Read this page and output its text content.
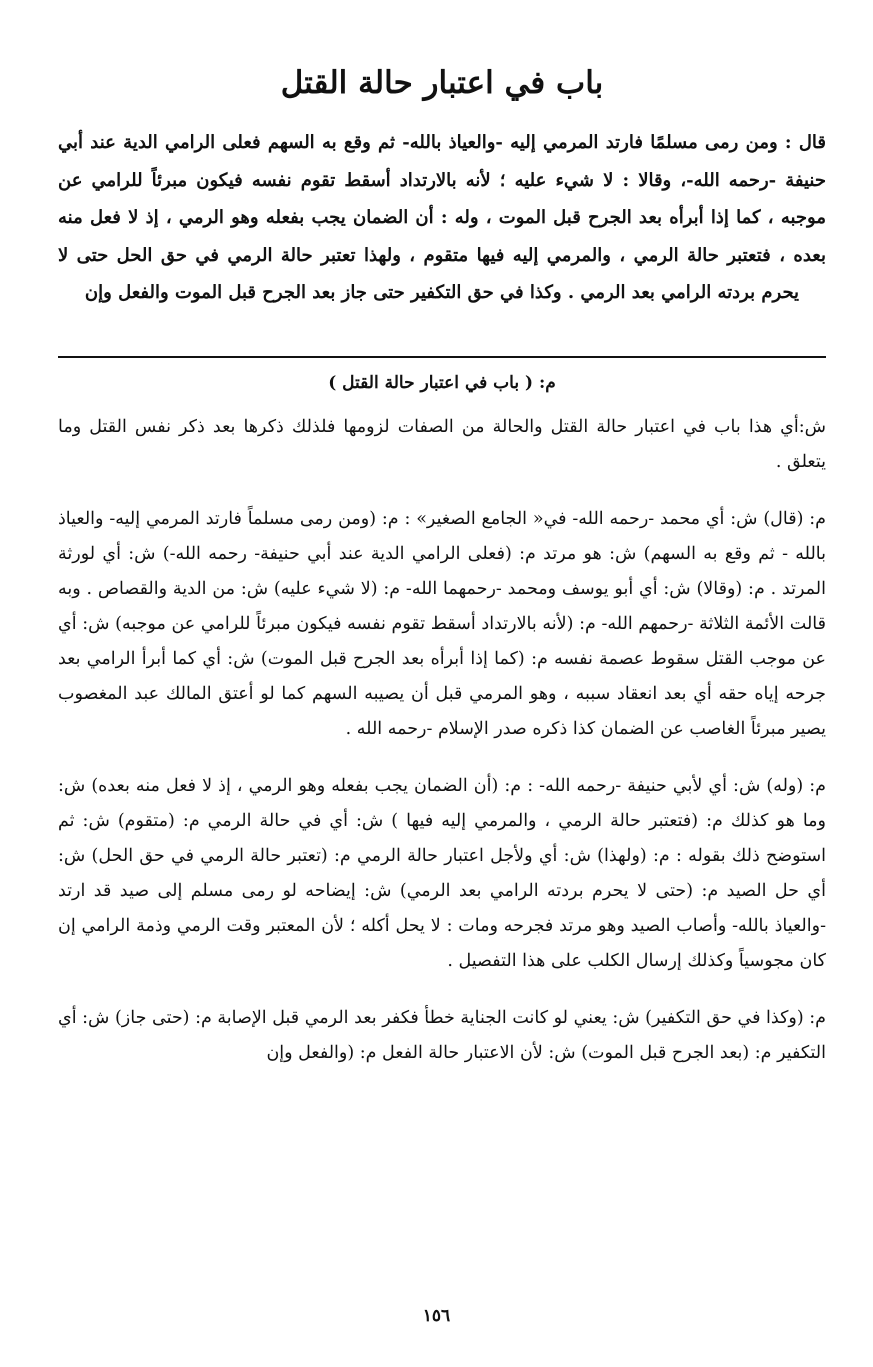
باب في اعتبار حالة القتل

قال : ومن رمى مسلمًا فارتد المرمي إليه -والعياذ بالله- ثم وقع به السهم فعلى الرامي الدية عند أبي حنيفة -رحمه الله-، وقالا : لا شيء عليه ؛ لأنه بالارتداد أسقط تقوم نفسه فيكون مبرئاً للرامي عن موجبه ، كما إذا أبرأه بعد الجرح قبل الموت ، وله : أن الضمان يجب بفعله وهو الرمي ، إذ لا فعل منه بعده ، فتعتبر حالة الرمي ، والمرمي إليه فيها متقوم ، ولهذا تعتبر حالة الرمي في حق الحل حتى لا يحرم بردته الرامي بعد الرمي . وكذا في حق التكفير حتى جاز بعد الجرح قبل الموت والفعل وإن

م: ( باب في اعتبار حالة القتل )

ش:أي هذا باب في اعتبار حالة القتل والحالة من الصفات لزومها فلذلك ذكرها بعد ذكر نفس القتل وما يتعلق .

م: (قال) ش: أي محمد -رحمه الله- في« الجامع الصغير» : م: (ومن رمى مسلماً فارتد المرمي إليه- والعياذ بالله - ثم وقع به السهم) ش: هو مرتد م: (فعلى الرامي الدية عند أبي حنيفة- رحمه الله-) ش: أي لورثة المرتد . م: (وقالا) ش: أي أبو يوسف ومحمد -رحمهما الله- م: (لا شيء عليه) ش: من الدية والقصاص . وبه قالت الأئمة الثلاثة -رحمهم الله- م: (لأنه بالارتداد أسقط تقوم نفسه فيكون مبرئاً للرامي عن موجبه) ش: أي عن موجب القتل سقوط عصمة نفسه م: (كما إذا أبرأه بعد الجرح قبل الموت) ش: أي كما أبرأ الرامي بعد جرحه إياه حقه أي بعد انعقاد سببه ، وهو المرمي قبل أن يصيبه السهم كما لو أعتق المالك عبد المغصوب يصير مبرئاً الغاصب عن الضمان كذا ذكره صدر الإسلام -رحمه الله .

م: (وله) ش: أي لأبي حنيفة -رحمه الله- : م: (أن الضمان يجب بفعله وهو الرمي ، إذ لا فعل منه بعده) ش: وما هو كذلك م: (فتعتبر حالة الرمي ، والمرمي إليه فيها ) ش: أي في حالة الرمي م: (متقوم) ش: ثم استوضح ذلك بقوله : م: (ولهذا) ش: أي ولأجل اعتبار حالة الرمي م: (تعتبر حالة الرمي في حق الحل) ش: أي حل الصيد م: (حتى لا يحرم بردته الرامي بعد الرمي) ش: إيضاحه لو رمى مسلم إلى صيد قد ارتد -والعياذ بالله- وأصاب الصيد وهو مرتد فجرحه ومات : لا يحل أكله ؛ لأن المعتبر وقت الرمي وذمة الرامي إن كان مجوسياً وكذلك إرسال الكلب على هذا التفصيل .

م: (وكذا في حق التكفير) ش: يعني لو كانت الجناية خطأ فكفر بعد الرمي قبل الإصابة م: (حتى جاز) ش: أي التكفير م: (بعد الجرح قبل الموت) ش: لأن الاعتبار حالة الفعل م: (والفعل وإن

١٥٦
